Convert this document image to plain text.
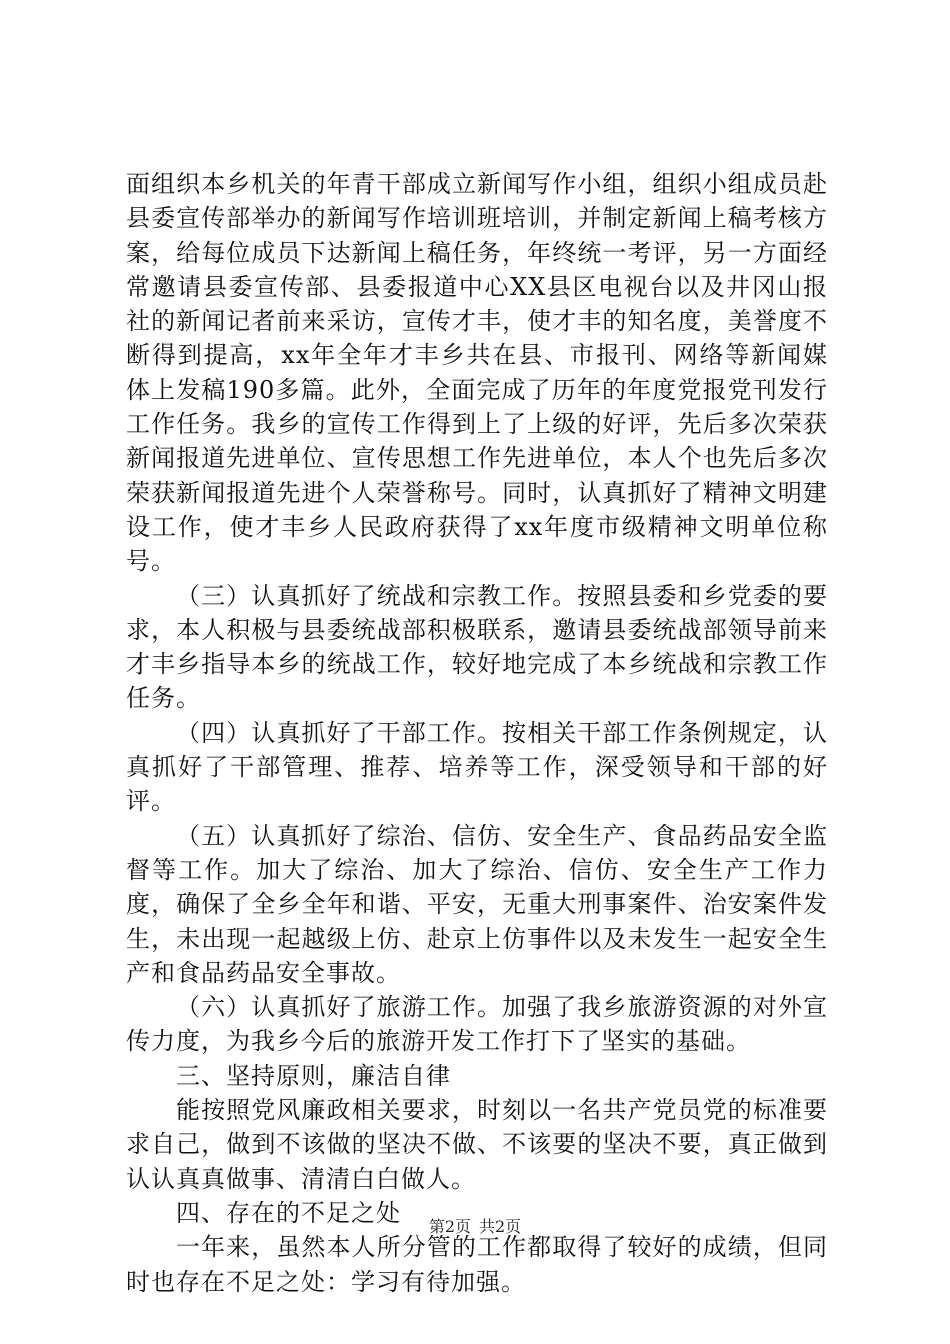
面组织本乡机关的年青干部成立新闻写作小组，组织小组成员赴县委宣传部举办的新闻写作培训班培训，并制定新闻上稿考核方案，给每位成员下达新闻上稿任务，年终统一考评，另一方面经常邀请县委宣传部、县委报道中心XX县区电视台以及井冈山报社的新闻记者前来采访，宣传才丰，使才丰的知名度，美誉度不断得到提高，xx年全年才丰乡共在县、市报刊、网络等新闻媒体上发稿190多篇。此外，全面完成了历年的年度党报党刊发行工作任务。我乡的宣传工作得到上了上级的好评，先后多次荣获新闻报道先进单位、宣传思想工作先进单位，本人个也先后多次荣获新闻报道先进个人荣誉称号。同时，认真抓好了精神文明建设工作，使才丰乡人民政府获得了xx年度市级精神文明单位称号。

（三）认真抓好了统战和宗教工作。按照县委和乡党委的要求，本人积极与县委统战部积极联系，邀请县委统战部领导前来才丰乡指导本乡的统战工作，较好地完成了本乡统战和宗教工作任务。

（四）认真抓好了干部工作。按相关干部工作条例规定，认真抓好了干部管理、推荐、培养等工作，深受领导和干部的好评。

（五）认真抓好了综治、信仿、安全生产、食品药品安全监督等工作。加大了综治、加大了综治、信仿、安全生产工作力度，确保了全乡全年和谐、平安，无重大刑事案件、治安案件发生，未出现一起越级上仿、赴京上仿事件以及未发生一起安全生产和食品药品安全事故。

（六）认真抓好了旅游工作。加强了我乡旅游资源的对外宣传力度，为我乡今后的旅游开发工作打下了坚实的基础。

三、坚持原则，廉洁自律

能按照党风廉政相关要求，时刻以一名共产党员党的标准要求自己，做到不该做的坚决不做、不该要的坚决不要，真正做到认认真真做事、清清白白做人。

四、存在的不足之处

一年来，虽然本人所分管的工作都取得了较好的成绩，但同时也存在不足之处：学习有待加强。

第2页 共2页
